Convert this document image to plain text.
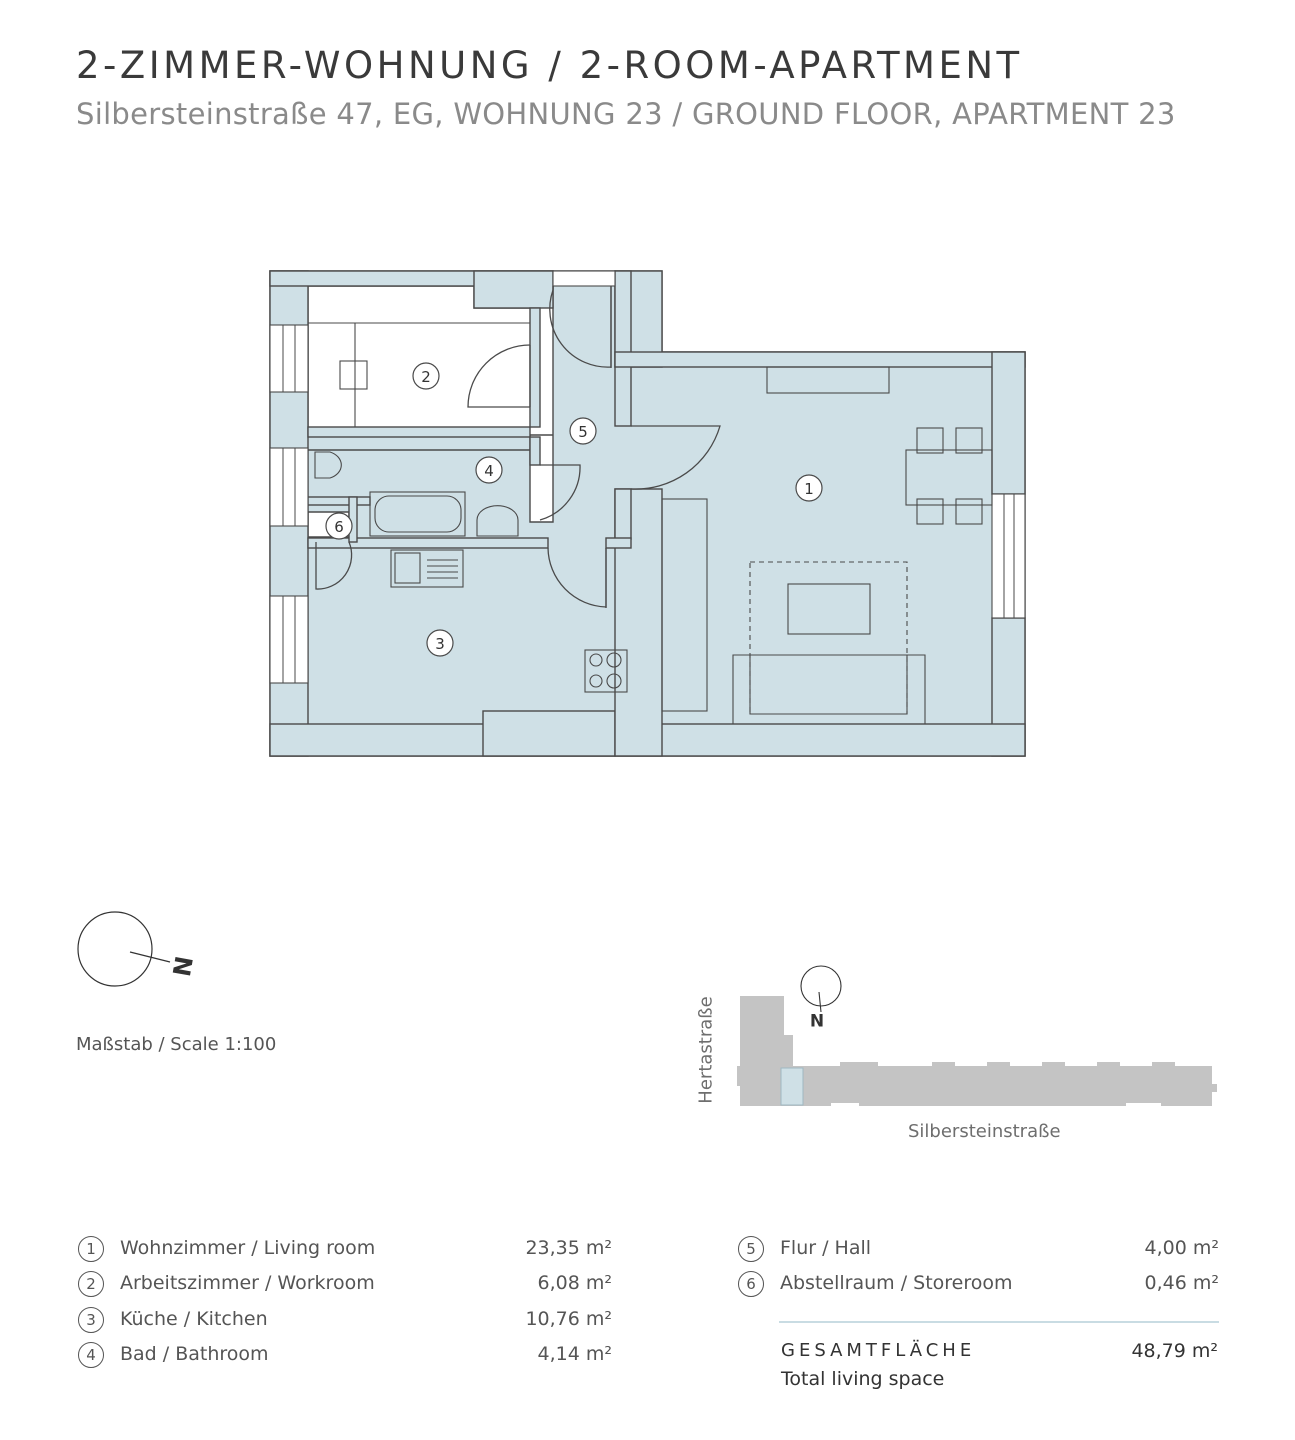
2-ZIMMER-WOHNUNG / 2-ROOM-APARTMENT
Silbersteinstraße 47, EG, WOHNUNG 23 / GROUND FLOOR, APARTMENT 23
1
2
3
4
5
6
N
N
Silbersteinstraße
Hertastraße
Maßstab / Scale 1:100
1	Wohnzimmer / Living room	23,35 m²
2	Arbeitszimmer / Workroom	6,08 m²
3	Küche / Kitchen	10,76 m²
4	Bad / Bathroom	4,14 m²
5	Flur / Hall	4,00 m²
6	Abstellraum / Storeroom	0,46 m²
GESAMTFLÄCHE
Total living space
48,79 m²
